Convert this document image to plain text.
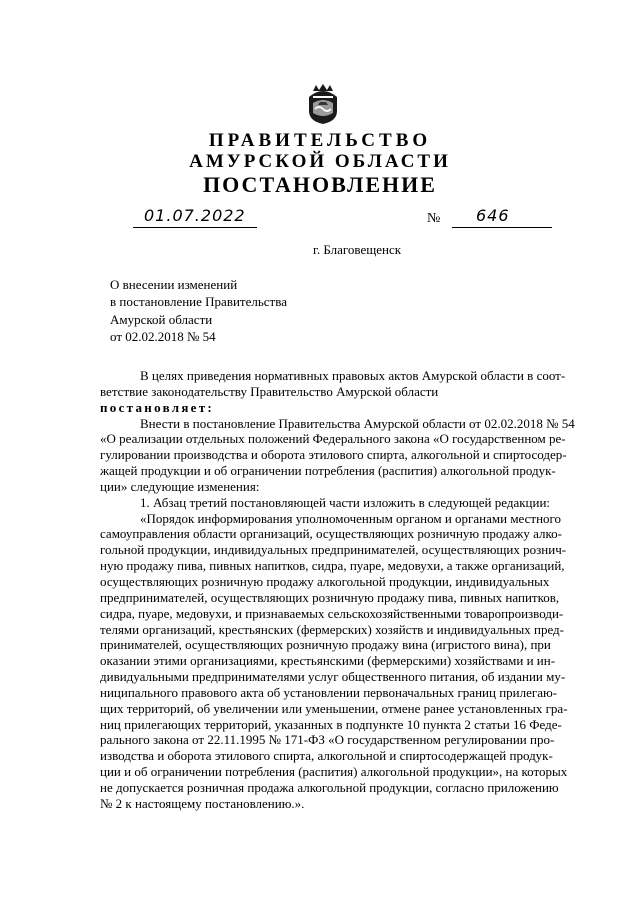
ПРАВИТЕЛЬСТВО
АМУРСКОЙ ОБЛАСТИ
ПОСТАНОВЛЕНИЕ
01.07.2022	№ 646
г. Благовещенск
О внесении изменений
в постановление Правительства
Амурской области
от 02.02.2018 № 54
В целях приведения нормативных правовых актов Амурской области в соот-
ветствие законодательству Правительство Амурской области
постановляет:
Внести в постановление Правительства Амурской области от 02.02.2018 № 54
«О реализации отдельных положений Федерального закона «О государственном ре-
гулировании производства и оборота этилового спирта, алкогольной и спиртосодер-
жащей продукции и об ограничении потребления (распития) алкогольной продук-
ции» следующие изменения:
1. Абзац третий постановляющей части изложить в следующей редакции:
«Порядок информирования уполномоченным органом и органами местного
самоуправления области организаций, осуществляющих розничную продажу алко-
гольной продукции, индивидуальных предпринимателей, осуществляющих рознич-
ную продажу пива, пивных напитков, сидра, пуаре, медовухи, а также организаций,
осуществляющих розничную продажу алкогольной продукции, индивидуальных
предпринимателей, осуществляющих розничную продажу пива, пивных напитков,
сидра, пуаре, медовухи, и признаваемых сельскохозяйственными товаропроизводи-
телями организаций, крестьянских (фермерских) хозяйств и индивидуальных пред-
принимателей, осуществляющих розничную продажу вина (игристого вина), при
оказании этими организациями, крестьянскими (фермерскими) хозяйствами и ин-
дивидуальными предпринимателями услуг общественного питания, об издании му-
ниципального правового акта об установлении первоначальных границ прилегаю-
щих территорий, об увеличении или уменьшении, отмене ранее установленных гра-
ниц прилегающих территорий, указанных в подпункте 10 пункта 2 статьи 16 Феде-
рального закона от 22.11.1995 № 171-ФЗ «О государственном регулировании про-
изводства и оборота этилового спирта, алкогольной и спиртосодержащей продук-
ции и об ограничении потребления (распития) алкогольной продукции», на которых
не допускается розничная продажа алкогольной продукции, согласно приложению
№ 2 к настоящему постановлению.».
